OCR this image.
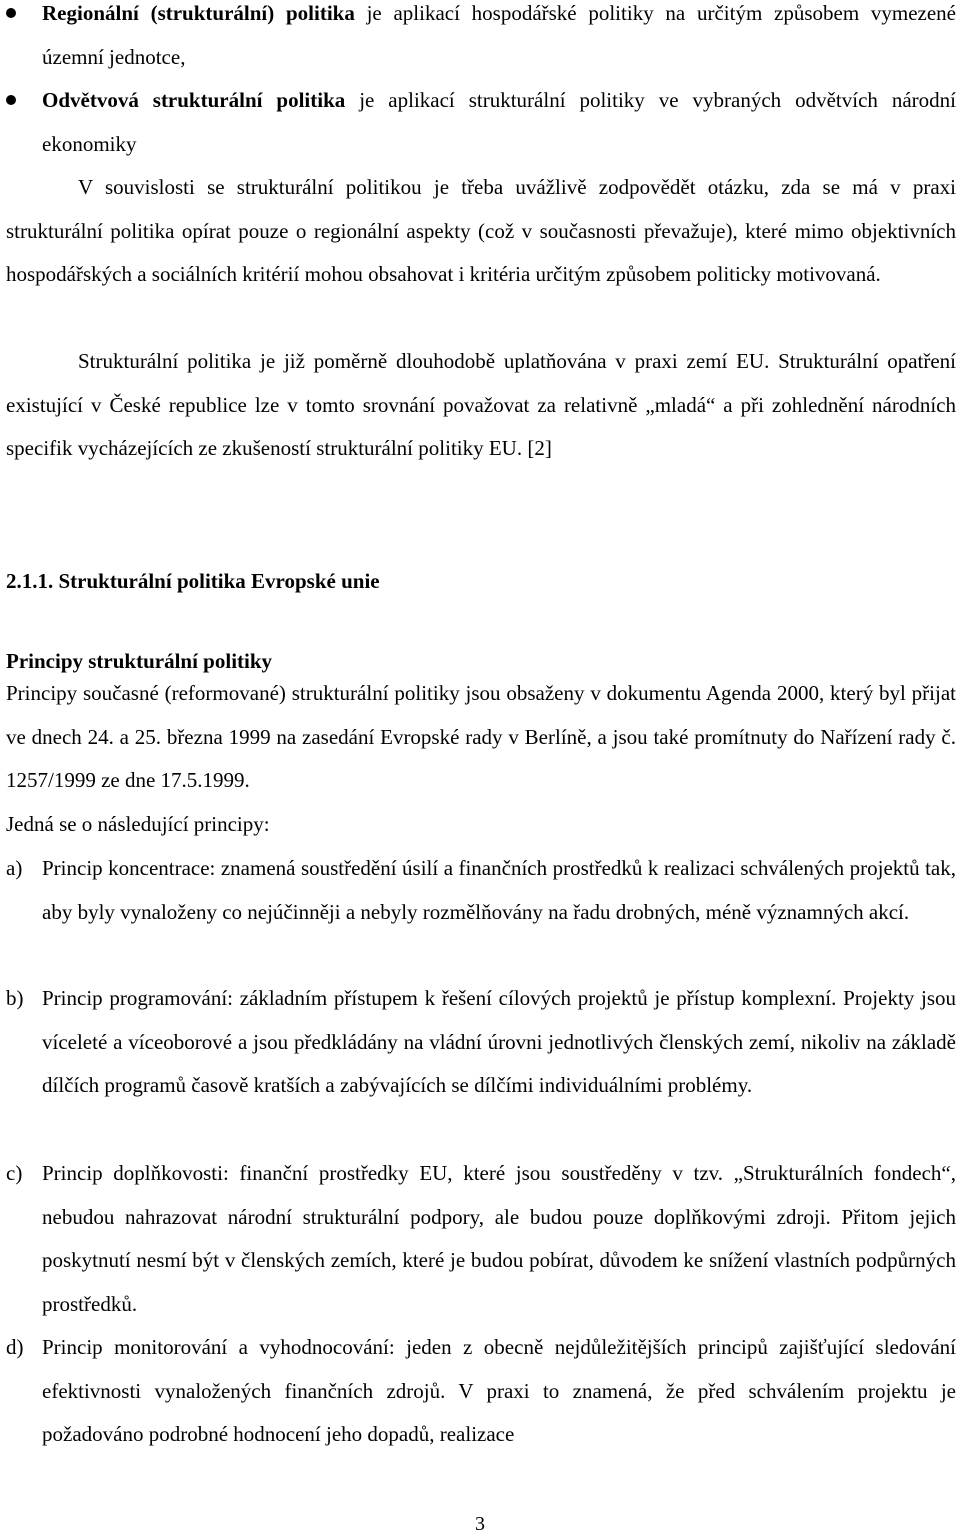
Regionální (strukturální) politika je aplikací hospodářské politiky na určitým způsobem vymezené územní jednotce,
Odvětvová strukturální politika je aplikací strukturální politiky ve vybraných odvětvích národní ekonomiky

V souvislosti se strukturální politikou je třeba uvážlivě zodpovědět otázku, zda se má v praxi strukturální politika opírat pouze o regionální aspekty (což v současnosti převažuje), které mimo objektivních hospodářských a sociálních kritérií mohou obsahovat i kritéria určitým způsobem politicky motivovaná.

Strukturální politika je již poměrně dlouhodobě uplatňována v praxi zemí EU. Strukturální opatření existující v České republice lze v tomto srovnání považovat za relativně „mladá“ a při zohlednění národních specifik vycházejících ze zkušeností strukturální politiky EU. [2]

2.1.1. Strukturální politika Evropské unie
Principy strukturální politiky

Principy současné (reformované) strukturální politiky jsou obsaženy v dokumentu Agenda 2000, který byl přijat ve dnech 24. a 25. března 1999 na zasedání Evropské rady v Berlíně, a jsou také promítnuty do Nařízení rady č. 1257/1999 ze dne 17.5.1999.

Jedná se o následující principy:

a) Princip koncentrace: znamená soustředění úsilí a finančních prostředků k realizaci schválených projektů tak, aby byly vynaloženy co nejúčinněji a nebyly rozmělňovány na řadu drobných, méně významných akcí.
b) Princip programování: základním přístupem k řešení cílových projektů je přístup komplexní. Projekty jsou víceleté a víceoborové a jsou předkládány na vládní úrovni jednotlivých členských zemí, nikoliv na základě dílčích programů časově kratších a zabývajících se dílčími individuálními problémy.
c) Princip doplňkovosti: finanční prostředky EU, které jsou soustředěny v tzv. „Strukturálních fondech“, nebudou nahrazovat národní strukturální podpory, ale budou pouze doplňkovými zdroji. Přitom jejich poskytnutí nesmí být v členských zemích, které je budou pobírat, důvodem ke snížení vlastních podpůrných prostředků.
d) Princip monitorování a vyhodnocování: jeden z obecně nejdůležitějších principů zajišťující sledování efektivnosti vynaložených finančních zdrojů. V praxi to znamená, že před schválením projektu je požadováno podrobné hodnocení jeho dopadů, realizace
3
